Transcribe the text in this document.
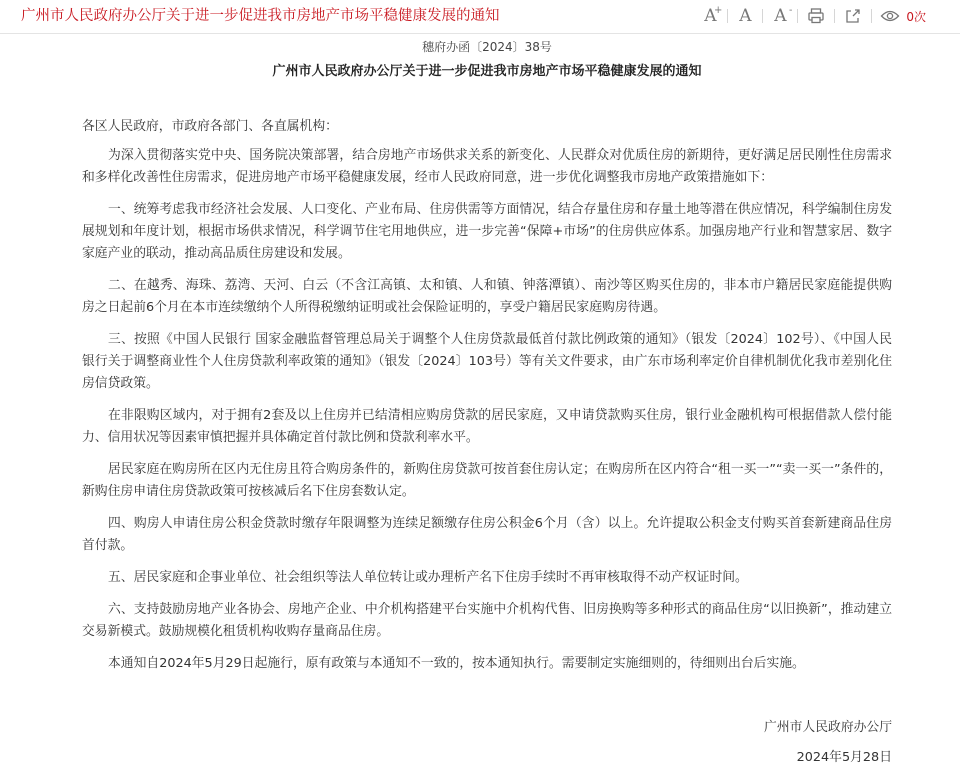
广州市人民政府办公厅关于进一步促进我市房地产市场平稳健康发展的通知	A
+ A A-	0次
穗府办函〔2024〕38号
广州市人民政府办公厅关于进一步促进我市房地产市场平稳健康发展的通知

各区人民政府，市政府各部门、各直属机构：

为深入贯彻落实党中央、国务院决策部署，结合房地产市场供求关系的新变化、人民群众对优质住房的新期待，更好满足居民刚性住房需求和多样化改善性住房需求，促进房地产市场平稳健康发展，经市人民政府同意，进一步优化调整我市房地产政策措施如下：

一、统筹考虑我市经济社会发展、人口变化、产业布局、住房供需等方面情况，结合存量住房和存量土地等潜在供应情况，科学编制住房发展规划和年度计划，根据市场供求情况，科学调节住宅用地供应，进一步完善“保障+市场”的住房供应体系。加强房地产行业和智慧家居、数字家庭产业的联动，推动高品质住房建设和发展。

二、在越秀、海珠、荔湾、天河、白云（不含江高镇、太和镇、人和镇、钟落潭镇）、南沙等区购买住房的，非本市户籍居民家庭能提供购房之日起前6个月在本市连续缴纳个人所得税缴纳证明或社会保险证明的，享受户籍居民家庭购房待遇。

三、按照《中国人民银行 国家金融监督管理总局关于调整个人住房贷款最低首付款比例政策的通知》（银发〔2024〕102号）、《中国人民银行关于调整商业性个人住房贷款利率政策的通知》（银发〔2024〕103号）等有关文件要求，由广东市场利率定价自律机制优化我市差别化住房信贷政策。

在非限购区域内，对于拥有2套及以上住房并已结清相应购房贷款的居民家庭，又申请贷款购买住房，银行业金融机构可根据借款人偿付能力、信用状况等因素审慎把握并具体确定首付款比例和贷款利率水平。

居民家庭在购房所在区内无住房且符合购房条件的，新购住房贷款可按首套住房认定；在购房所在区内符合“租一买一”“卖一买一”条件的，新购住房申请住房贷款政策可按核减后名下住房套数认定。

四、购房人申请住房公积金贷款时缴存年限调整为连续足额缴存住房公积金6个月（含）以上。允许提取公积金支付购买首套新建商品住房首付款。

五、居民家庭和企事业单位、社会组织等法人单位转让或办理析产名下住房手续时不再审核取得不动产权证时间。

六、支持鼓励房地产业各协会、房地产企业、中介机构搭建平台实施中介机构代售、旧房换购等多种形式的商品住房“以旧换新”，推动建立交易新模式。鼓励规模化租赁机构收购存量商品住房。

本通知自2024年5月29日起施行，原有政策与本通知不一致的，按本通知执行。需要制定实施细则的，待细则出台后实施。

广州市人民政府办公厅
2024年5月28日
